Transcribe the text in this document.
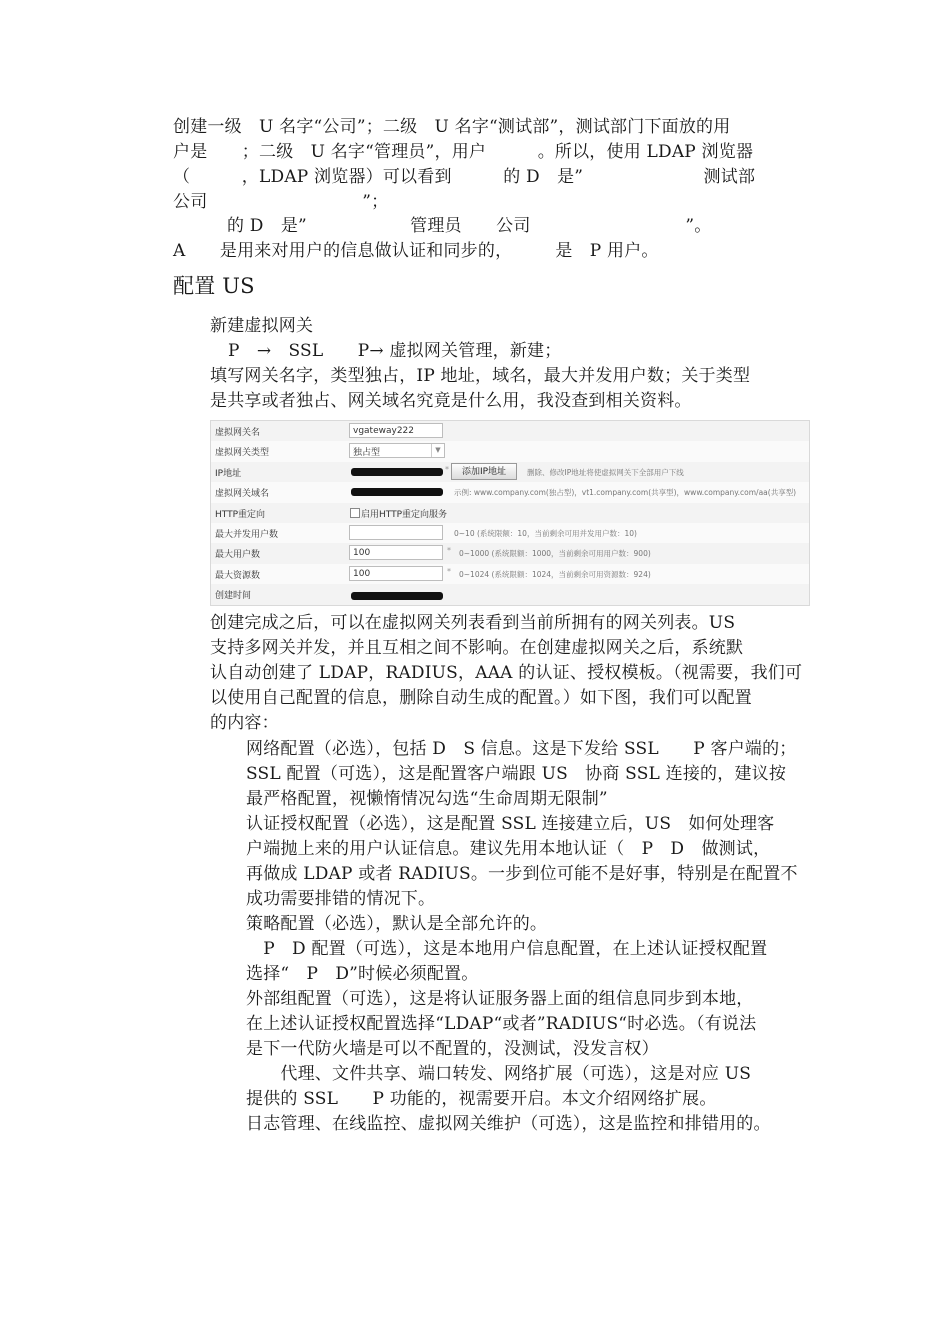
创建一级　U 名字“公司”；二级　U 名字“测试部”，测试部门下面放的用
户是　　；二级　U 名字“管理员”，用户　　　。所以，使用 LDAP 浏览器
（　　　，LDAP 浏览器）可以看到　　　的 D　是”　　　　　　　测试部
公司　　　　　　　　　”；
的 D　是”　　　　　　管理员　　公司　　　　　　　　　”。
A　　是用来对用户的信息做认证和同步的，　　　是　P 用户。
配置 US
新建虚拟网关
P　→　SSL　　P→ 虚拟网关管理，新建；
填写网关名字，类型独占，IP 地址，域名，最大并发用户数；关于类型
是共享或者独占、网关域名究竟是什么用，我没查到相关资料。
虚拟网关名	vgateway222
虚拟网关类型	独占型	▼
IP地址	*	添加IP地址	删除、修改IP地址将使虚拟网关下全部用户下线
虚拟网关域名	示例: www.company.com(独占型)，vt1.company.com(共享型)，www.company.com/aa(共享型)
HTTP重定向	启用HTTP重定向服务
最大并发用户数	0~10 (系统限额：10，当前剩余可用并发用户数：10)
最大用户数	100	* 0~1000 (系统限额：1000，当前剩余可用用户数：900)
最大资源数	100	* 0~1024 (系统限额：1024，当前剩余可用资源数：924)
创建时间
创建完成之后，可以在虚拟网关列表看到当前所拥有的网关列表。US
支持多网关并发，并且互相之间不影响。在创建虚拟网关之后，系统默
认自动创建了 LDAP，RADIUS，AAA 的认证、授权模板。（视需要，我们可
以使用自己配置的信息，删除自动生成的配置。）如下图，我们可以配置
的内容：
网络配置（必选），包括 D　S 信息。这是下发给 SSL　　P 客户端的；
SSL 配置（可选），这是配置客户端跟 US　协商 SSL 连接的，建议按
最严格配置，视懒惰情况勾选“生命周期无限制”
认证授权配置（必选），这是配置 SSL 连接建立后，US　如何处理客
户端抛上来的用户认证信息。建议先用本地认证（　P　D　做测试，
再做成 LDAP 或者 RADIUS。一步到位可能不是好事，特别是在配置不
成功需要排错的情况下。
策略配置（必选），默认是全部允许的。
　P　D 配置（可选），这是本地用户信息配置，在上述认证授权配置
选择“　P　D”时候必须配置。
外部组配置（可选），这是将认证服务器上面的组信息同步到本地，
在上述认证授权配置选择“LDAP“或者”RADIUS“时必选。（有说法
是下一代防火墙是可以不配置的，没测试，没发言权）
　　代理、文件共享、端口转发、网络扩展（可选），这是对应 US
提供的 SSL　　P 功能的，视需要开启。本文介绍网络扩展。
日志管理、在线监控、虚拟网关维护（可选），这是监控和排错用的。
